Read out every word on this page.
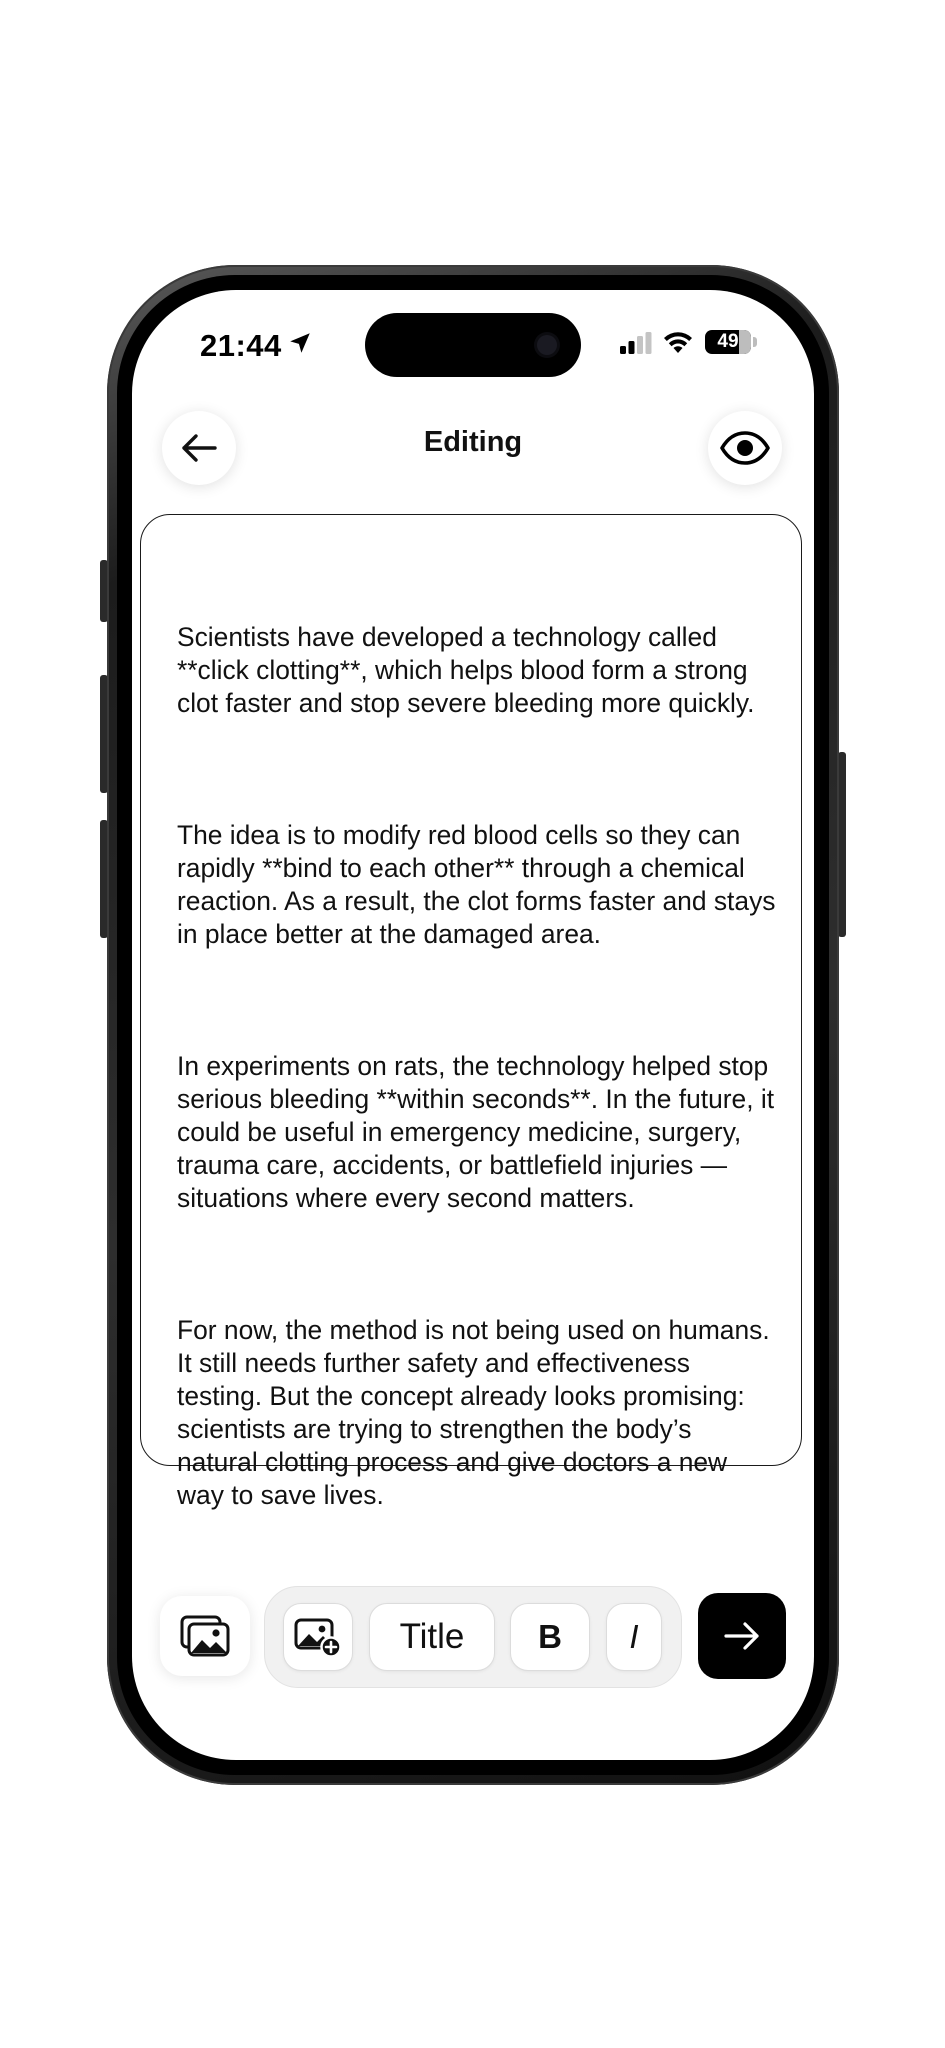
21:44	49
Editing

Scientists have developed a technology called **click clotting**, which helps blood form a strong clot faster and stop severe bleeding more quickly.

The idea is to modify red blood cells so they can rapidly **bind to each other** through a chemical reaction. As a result, the clot forms faster and stays in place better at the damaged area.

In experiments on rats, the technology helped stop serious bleeding **within seconds**. In the future, it could be useful in emergency medicine, surgery, trauma care, accidents, or battlefield injuries — situations where every second matters.

For now, the method is not being used on humans. It still needs further safety and effectiveness testing. But the concept already looks promising: scientists are trying to strengthen the body’s natural clotting process and give doctors a new way to save lives.

Title	B	I
